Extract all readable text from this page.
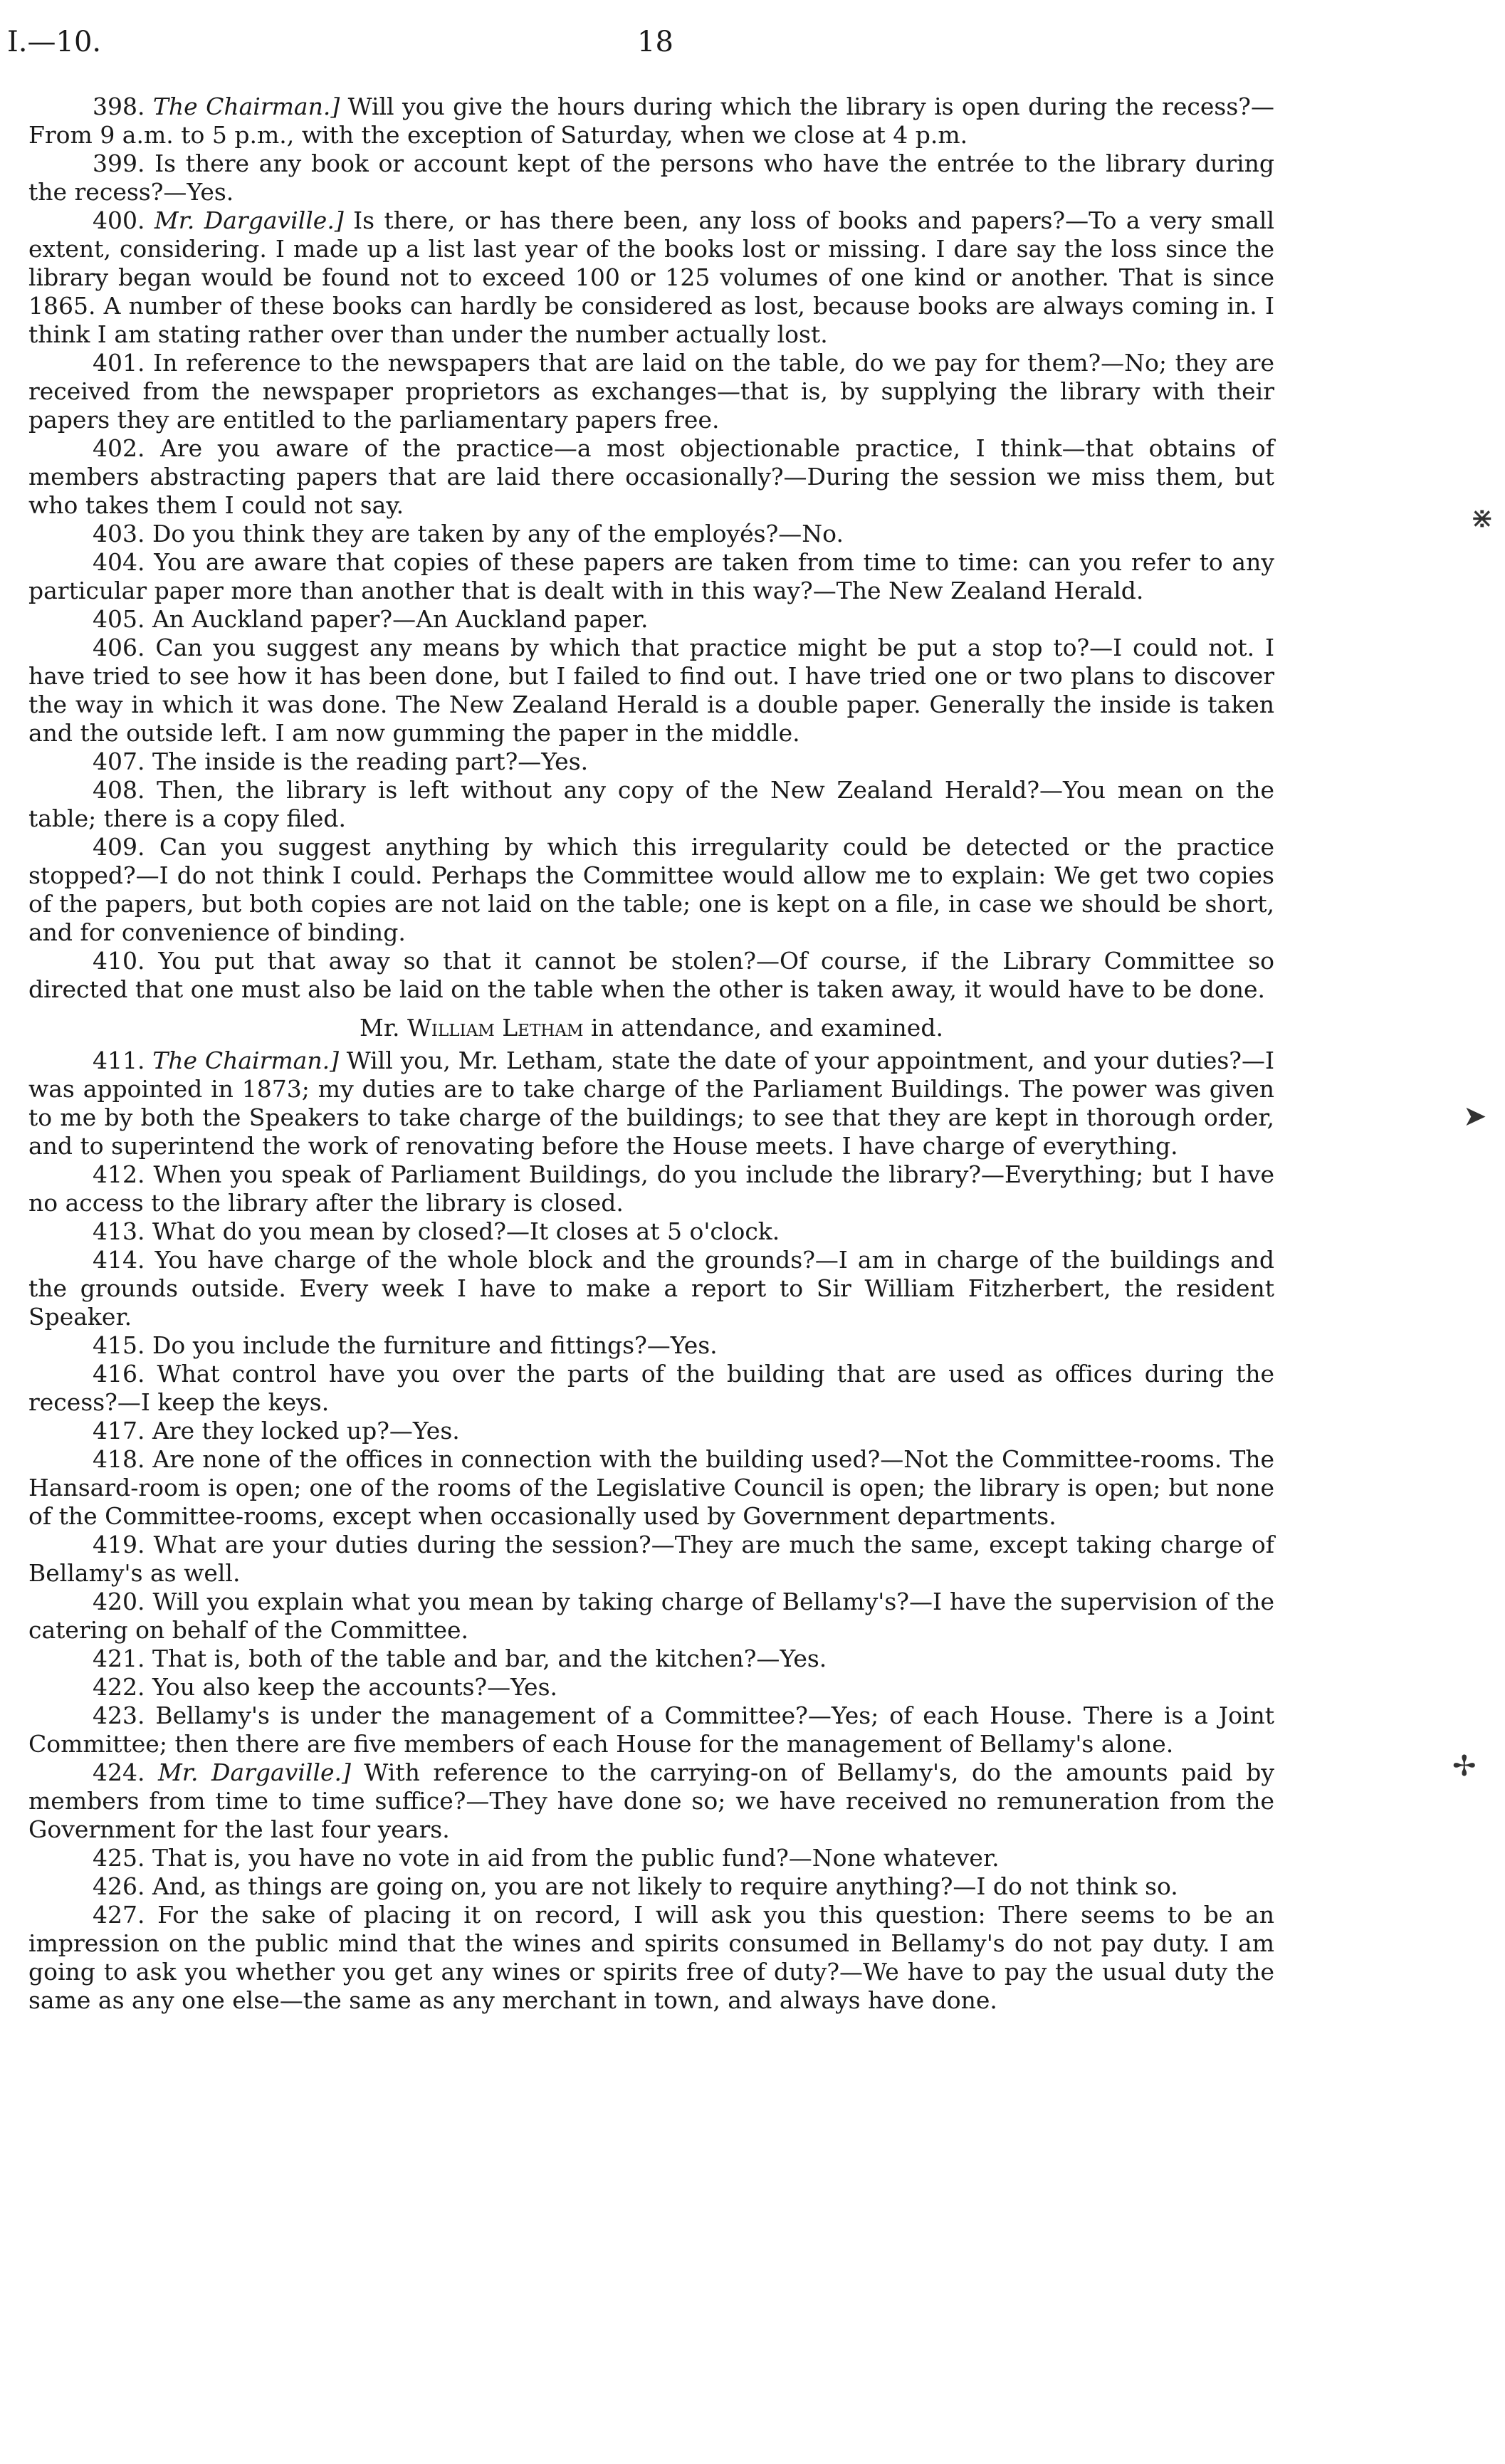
I.—10.	18

398. The Chairman.] Will you give the hours during which the library is open during the recess?—From 9 a.m. to 5 p.m., with the exception of Saturday, when we close at 4 p.m.

399. Is there any book or account kept of the persons who have the entrée to the library during the recess?—Yes.

400. Mr. Dargaville.] Is there, or has there been, any loss of books and papers?—To a very small extent, considering. I made up a list last year of the books lost or missing. I dare say the loss since the library began would be found not to exceed 100 or 125 volumes of one kind or another. That is since 1865. A number of these books can hardly be considered as lost, because books are always coming in. I think I am stating rather over than under the number actually lost.

401. In reference to the newspapers that are laid on the table, do we pay for them?—No; they are received from the newspaper proprietors as exchanges—that is, by supplying the library with their papers they are entitled to the parliamentary papers free.

402. Are you aware of the practice—a most objectionable practice, I think—that obtains of members abstracting papers that are laid there occasionally?—During the session we miss them, but who takes them I could not say.

403. Do you think they are taken by any of the employés?—No.

404. You are aware that copies of these papers are taken from time to time: can you refer to any particular paper more than another that is dealt with in this way?—The New Zealand Herald.

405. An Auckland paper?—An Auckland paper.

406. Can you suggest any means by which that practice might be put a stop to?—I could not. I have tried to see how it has been done, but I failed to find out. I have tried one or two plans to discover the way in which it was done. The New Zealand Herald is a double paper. Generally the inside is taken and the outside left. I am now gumming the paper in the middle.

407. The inside is the reading part?—Yes.

408. Then, the library is left without any copy of the New Zealand Herald?—You mean on the table; there is a copy filed.

409. Can you suggest anything by which this irregularity could be detected or the practice stopped?—I do not think I could. Perhaps the Committee would allow me to explain: We get two copies of the papers, but both copies are not laid on the table; one is kept on a file, in case we should be short, and for convenience of binding.

410. You put that away so that it cannot be stolen?—Of course, if the Library Committee so directed that one must also be laid on the table when the other is taken away, it would have to be done.

Mr. William Letham in attendance, and examined.

411. The Chairman.] Will you, Mr. Letham, state the date of your appointment, and your duties?—I was appointed in 1873; my duties are to take charge of the Parliament Buildings. The power was given to me by both the Speakers to take charge of the buildings; to see that they are kept in thorough order, and to superintend the work of renovating before the House meets. I have charge of everything.

412. When you speak of Parliament Buildings, do you include the library?—Everything; but I have no access to the library after the library is closed.

413. What do you mean by closed?—It closes at 5 o'clock.

414. You have charge of the whole block and the grounds?—I am in charge of the buildings and the grounds outside. Every week I have to make a report to Sir William Fitzherbert, the resident Speaker.

415. Do you include the furniture and fittings?—Yes.

416. What control have you over the parts of the building that are used as offices during the recess?—I keep the keys.

417. Are they locked up?—Yes.

418. Are none of the offices in connection with the building used?—Not the Committee-rooms. The Hansard-room is open; one of the rooms of the Legislative Council is open; the library is open; but none of the Committee-rooms, except when occasionally used by Government departments.

419. What are your duties during the session?—They are much the same, except taking charge of Bellamy's as well.

420. Will you explain what you mean by taking charge of Bellamy's?—I have the supervision of the catering on behalf of the Committee.

421. That is, both of the table and bar, and the kitchen?—Yes.

422. You also keep the accounts?—Yes.

423. Bellamy's is under the management of a Committee?—Yes; of each House. There is a Joint Committee; then there are five members of each House for the management of Bellamy's alone.

424. Mr. Dargaville.] With reference to the carrying-on of Bellamy's, do the amounts paid by members from time to time suffice?—They have done so; we have received no remuneration from the Government for the last four years.

425. That is, you have no vote in aid from the public fund?—None whatever.

426. And, as things are going on, you are not likely to require anything?—I do not think so.

427. For the sake of placing it on record, I will ask you this question: There seems to be an impression on the public mind that the wines and spirits consumed in Bellamy's do not pay duty. I am going to ask you whether you get any wines or spirits free of duty?—We have to pay the usual duty the same as any one else—the same as any merchant in town, and always have done.

⋇
➤
✢
